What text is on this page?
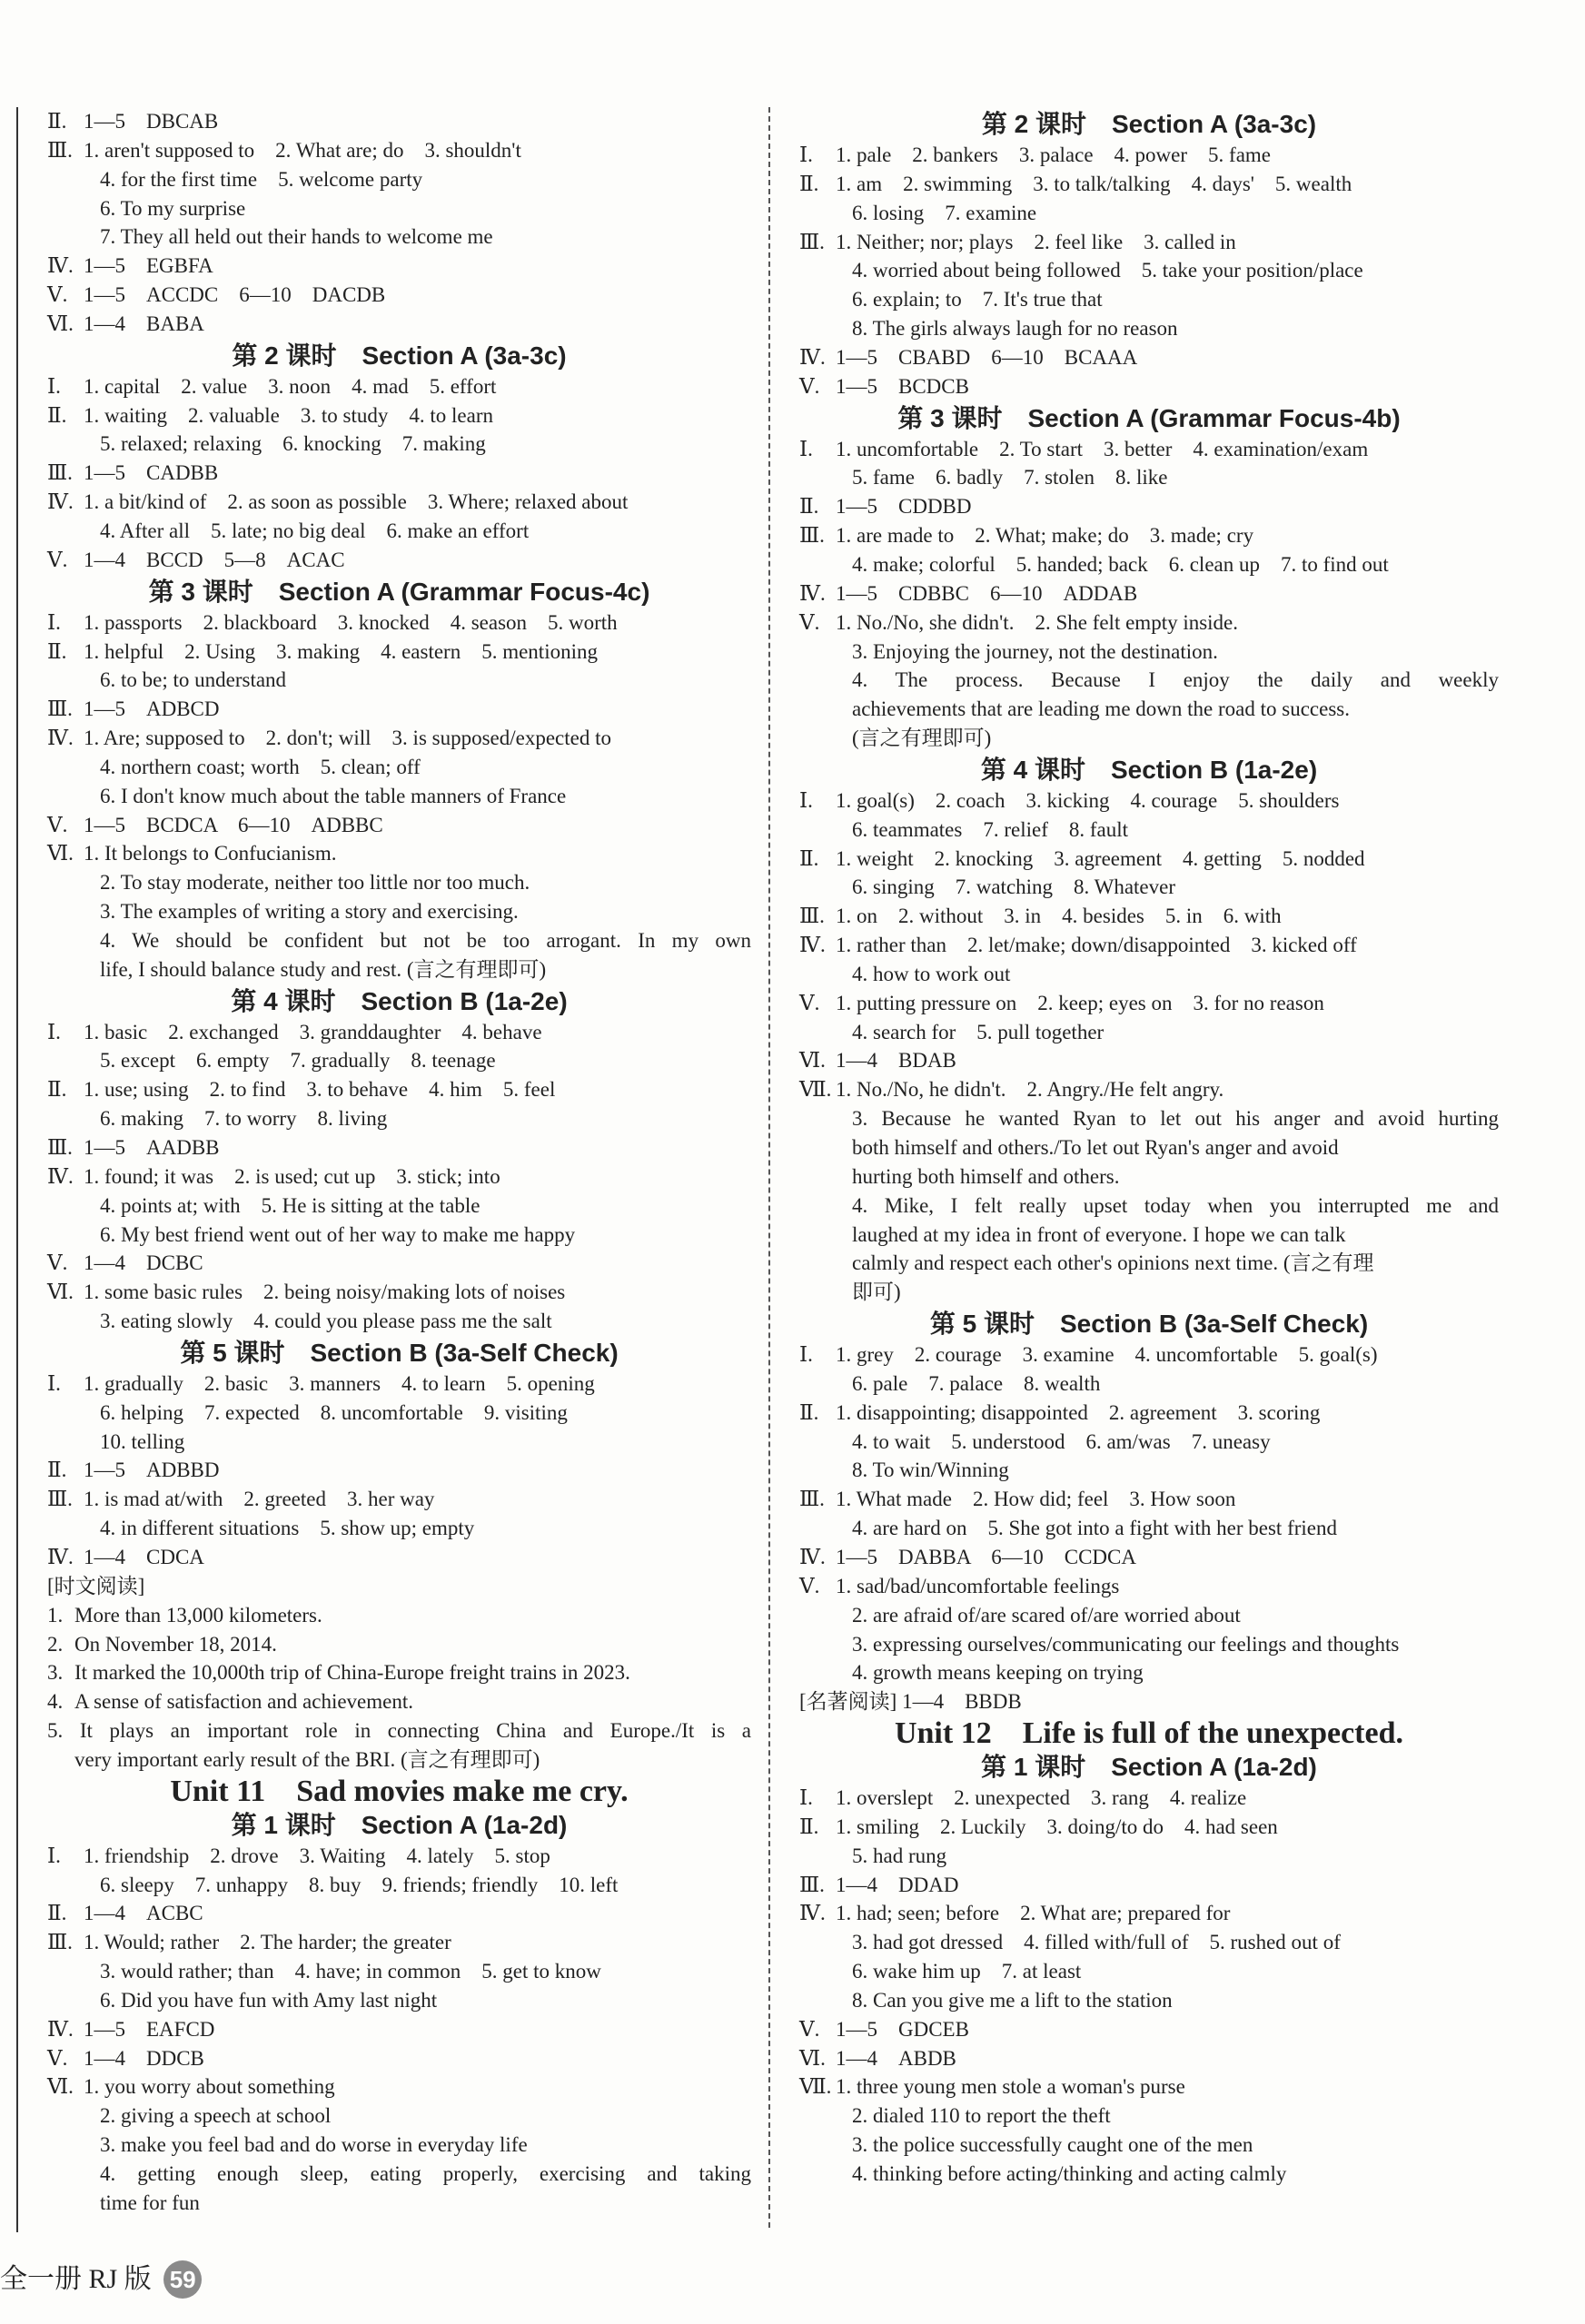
Ⅱ. 1—5　DBCAB
Ⅲ. 1. aren't supposed to　2. What are; do　3. shouldn't
4. for the first time　5. welcome party
6. To my surprise
7. They all held out their hands to welcome me
Ⅳ. 1—5　EGBFA
Ⅴ. 1—5　ACCDC　6—10　DACDB
Ⅵ. 1—4　BABA
第 2 课时　Section A (3a-3c)
Ⅰ. 1. capital　2. value　3. noon　4. mad　5. effort
Ⅱ. 1. waiting　2. valuable　3. to study　4. to learn
5. relaxed; relaxing　6. knocking　7. making
Ⅲ. 1—5　CADBB
Ⅳ. 1. a bit/kind of　2. as soon as possible　3. Where; relaxed about
4. After all　5. late; no big deal　6. make an effort
Ⅴ. 1—4　BCCD　5—8　ACAC
第 3 课时　Section A (Grammar Focus-4c)
Ⅰ. 1. passports　2. blackboard　3. knocked　4. season　5. worth
Ⅱ. 1. helpful　2. Using　3. making　4. eastern　5. mentioning
6. to be; to understand
Ⅲ. 1—5　ADBCD
Ⅳ. 1. Are; supposed to　2. don't; will　3. is supposed/expected to
4. northern coast; worth　5. clean; off
6. I don't know much about the table manners of France
Ⅴ. 1—5　BCDCA　6—10　ADBBC
Ⅵ. 1. It belongs to Confucianism.
2. To stay moderate, neither too little nor too much.
3. The examples of writing a story and exercising.
4. We should be confident but not be too arrogant. In my own
life, I should balance study and rest. (言之有理即可)
第 4 课时　Section B (1a-2e)
Ⅰ. 1. basic　2. exchanged　3. granddaughter　4. behave
5. except　6. empty　7. gradually　8. teenage
Ⅱ. 1. use; using　2. to find　3. to behave　4. him　5. feel
6. making　7. to worry　8. living
Ⅲ. 1—5　AADBB
Ⅳ. 1. found; it was　2. is used; cut up　3. stick; into
4. points at; with　5. He is sitting at the table
6. My best friend went out of her way to make me happy
Ⅴ. 1—4　DCBC
Ⅵ. 1. some basic rules　2. being noisy/making lots of noises
3. eating slowly　4. could you please pass me the salt
第 5 课时　Section B (3a-Self Check)
Ⅰ. 1. gradually　2. basic　3. manners　4. to learn　5. opening
6. helping　7. expected　8. uncomfortable　9. visiting
10. telling
Ⅱ. 1—5　ADBBD
Ⅲ. 1. is mad at/with　2. greeted　3. her way
4. in different situations　5. show up; empty
Ⅳ. 1—4　CDCA
[时文阅读]
1. More than 13,000 kilometers.
2. On November 18, 2014.
3. It marked the 10,000th trip of China-Europe freight trains in 2023.
4. A sense of satisfaction and achievement.
5. It plays an important role in connecting China and Europe./It is a
very important early result of the BRI. (言之有理即可)
Unit 11　Sad movies make me cry.
第 1 课时　Section A (1a-2d)
Ⅰ. 1. friendship　2. drove　3. Waiting　4. lately　5. stop
6. sleepy　7. unhappy　8. buy　9. friends; friendly　10. left
Ⅱ. 1—4　ACBC
Ⅲ. 1. Would; rather　2. The harder; the greater
3. would rather; than　4. have; in common　5. get to know
6. Did you have fun with Amy last night
Ⅳ. 1—5　EAFCD
Ⅴ. 1—4　DDCB
Ⅵ. 1. you worry about something
2. giving a speech at school
3. make you feel bad and do worse in everyday life
4. getting enough sleep, eating properly, exercising and taking
time for fun
第 2 课时　Section A (3a-3c)
Ⅰ. 1. pale　2. bankers　3. palace　4. power　5. fame
Ⅱ. 1. am　2. swimming　3. to talk/talking　4. days'　5. wealth
6. losing　7. examine
Ⅲ. 1. Neither; nor; plays　2. feel like　3. called in
4. worried about being followed　5. take your position/place
6. explain; to　7. It's true that
8. The girls always laugh for no reason
Ⅳ. 1—5　CBABD　6—10　BCAAA
Ⅴ. 1—5　BCDCB
第 3 课时　Section A (Grammar Focus-4b)
Ⅰ. 1. uncomfortable　2. To start　3. better　4. examination/exam
5. fame　6. badly　7. stolen　8. like
Ⅱ. 1—5　CDDBD
Ⅲ. 1. are made to　2. What; make; do　3. made; cry
4. make; colorful　5. handed; back　6. clean up　7. to find out
Ⅳ. 1—5　CDBBC　6—10　ADDAB
Ⅴ. 1. No./No, she didn't.　2. She felt empty inside.
3. Enjoying the journey, not the destination.
4. The process. Because I enjoy the daily and weekly
achievements that are leading me down the road to success.
(言之有理即可)
第 4 课时　Section B (1a-2e)
Ⅰ. 1. goal(s)　2. coach　3. kicking　4. courage　5. shoulders
6. teammates　7. relief　8. fault
Ⅱ. 1. weight　2. knocking　3. agreement　4. getting　5. nodded
6. singing　7. watching　8. Whatever
Ⅲ. 1. on　2. without　3. in　4. besides　5. in　6. with
Ⅳ. 1. rather than　2. let/make; down/disappointed　3. kicked off
4. how to work out
Ⅴ. 1. putting pressure on　2. keep; eyes on　3. for no reason
4. search for　5. pull together
Ⅵ. 1—4　BDAB
Ⅶ. 1. No./No, he didn't.　2. Angry./He felt angry.
3. Because he wanted Ryan to let out his anger and avoid hurting
both himself and others./To let out Ryan's anger and avoid
hurting both himself and others.
4. Mike, I felt really upset today when you interrupted me and
laughed at my idea in front of everyone. I hope we can talk
calmly and respect each other's opinions next time. (言之有理
即可)
第 5 课时　Section B (3a-Self Check)
Ⅰ. 1. grey　2. courage　3. examine　4. uncomfortable　5. goal(s)
6. pale　7. palace　8. wealth
Ⅱ. 1. disappointing; disappointed　2. agreement　3. scoring
4. to wait　5. understood　6. am/was　7. uneasy
8. To win/Winning
Ⅲ. 1. What made　2. How did; feel　3. How soon
4. are hard on　5. She got into a fight with her best friend
Ⅳ. 1—5　DABBA　6—10　CCDCA
Ⅴ. 1. sad/bad/uncomfortable feelings
2. are afraid of/are scared of/are worried about
3. expressing ourselves/communicating our feelings and thoughts
4. growth means keeping on trying
[名著阅读] 1—4　BBDB
Unit 12　Life is full of the unexpected.
第 1 课时　Section A (1a-2d)
Ⅰ. 1. overslept　2. unexpected　3. rang　4. realize
Ⅱ. 1. smiling　2. Luckily　3. doing/to do　4. had seen
5. had rung
Ⅲ. 1—4　DDAD
Ⅳ. 1. had; seen; before　2. What are; prepared for
3. had got dressed　4. filled with/full of　5. rushed out of
6. wake him up　7. at least
8. Can you give me a lift to the station
Ⅴ. 1—5　GDCEB
Ⅵ. 1—4　ABDB
Ⅶ. 1. three young men stole a woman's purse
2. dialed 110 to report the theft
3. the police successfully caught one of the men
4. thinking before acting/thinking and acting calmly
全一册 RJ 版 59
